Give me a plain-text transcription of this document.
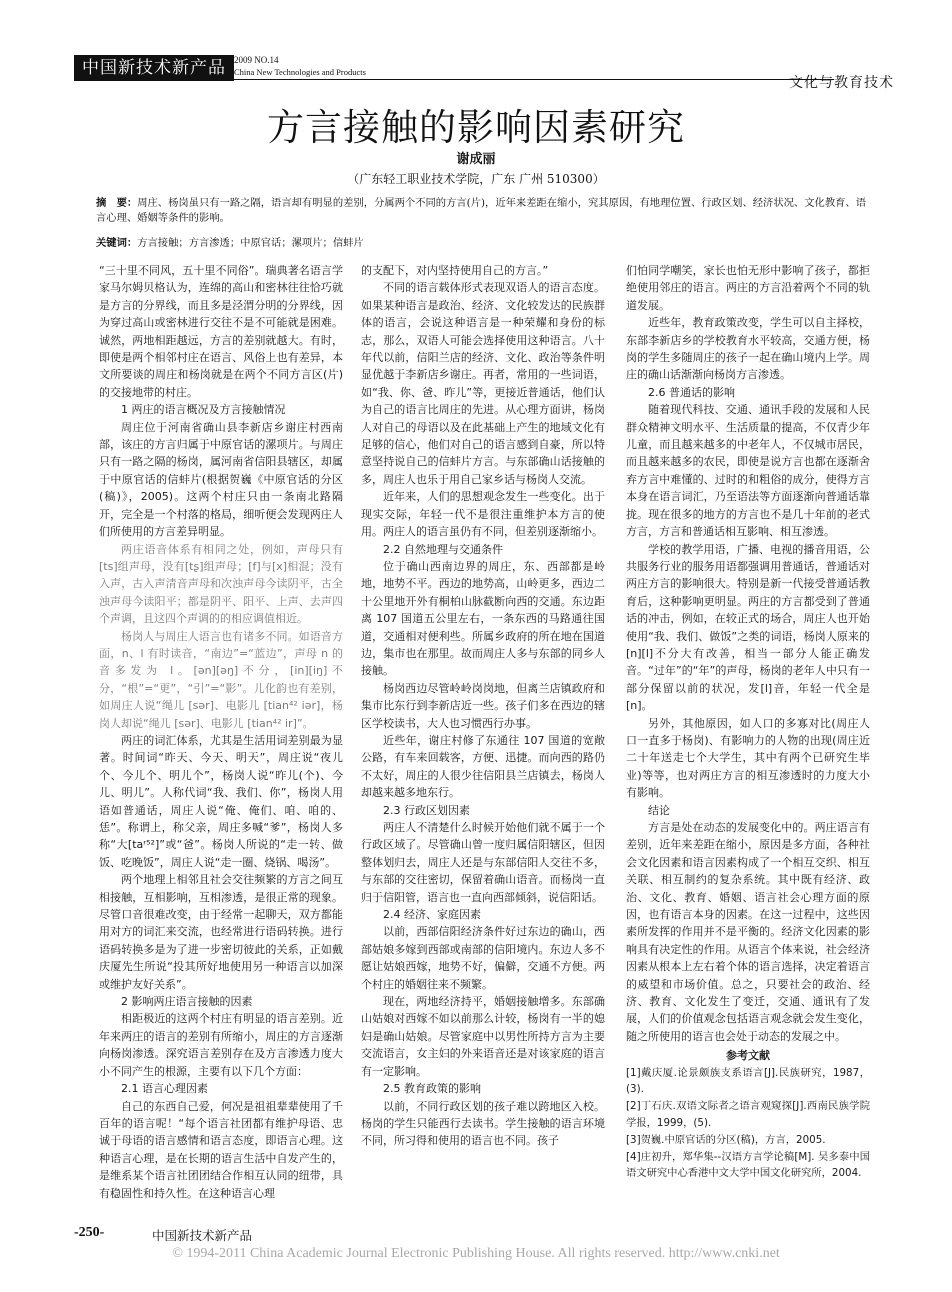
中国新技术新产品 2009 NO.14
China New Technologies and Products
文化与教育技术
方言接触的影响因素研究
谢成丽
（广东轻工职业技术学院，广东 广州 510300）
摘　要：周庄、杨岗虽只有一路之隔，语言却有明显的差别，分属两个不同的方言(片)，近年来差距在缩小，究其原因，有地理位置、行政区划、经济状况、文化教育、语言心理、婚姻等条件的影响。
关键词：方言接触；方言渗透；中原官话；漯项片；信蚌片

“三十里不同风，五十里不同俗”。瑞典著名语言学家马尔姆贝格认为，连绵的高山和密林往往恰巧就是方言的分界线，而且多是泾渭分明的分界线，因为穿过高山或密林进行交往不是不可能就是困难。诚然，两地相距越远，方言的差别就越大。有时，即使是两个相邻村庄在语言、风俗上也有差异，本文所要谈的周庄和杨岗就是在两个不同方言区(片)的交接地带的村庄。

1 两庄的语言概况及方言接触情况

周庄位于河南省确山县李新店乡谢庄村西南部，该庄的方言归属于中原官话的漯项片。与周庄只有一路之隔的杨岗，属河南省信阳县辖区，却属于中原官话的信蚌片(根据贺巍《中原官话的分区(稿)》，2005)。这两个村庄只由一条南北路隔开，完全是一个村落的格局，细听便会发现两庄人们所使用的方言差异明显。

两庄语音体系有相同之处，例如，声母只有[ts]组声母，没有[tʂ]组声母；[f]与[x]相混；没有入声，古入声清音声母和次浊声母今读阴平，古全浊声母今读阳平；都是阴平、阳平、上声、去声四个声调，且这四个声调的的相应调值相近。

杨岗人与周庄人语言也有诸多不同。如语音方面，n、l 有时读音，“南边”=“蓝边”，声母 n 的音多发为 l。[ən][əŋ]不分，[in][iŋ]不分，“根”=“更”，“引”=“影”。儿化韵也有差别，如周庄人说“绳儿 [sər]、电影儿 [tian⁴² iər]，杨岗人却说“绳儿 [sər]、电影儿 [tian⁴² ir]”。

两庄的词汇体系，尤其是生活用词差别最为显著。时间词“昨天、今天、明天”，周庄说“夜儿个、今儿个、明儿个”，杨岗人说“昨儿(个)、今儿、明儿”。人称代词“我、我们、你”，杨岗人用语如普通话，周庄人说“俺、俺们、咱、咱的、恁”。称谓上，称父亲，周庄多喊“爹”，杨岗人多称“大[taʳ⁵²]”或“爸”。杨岗人所说的“走一转、做饭、吃晚饭”，周庄人说“走一圈、烧锅、喝汤”。

两个地理上相邻且社会交往频繁的方言之间互相接触，互相影响，互相渗透，是很正常的现象。尽管口音很难改变，由于经常一起聊天，双方都能用对方的词汇来交流，也经常进行语码转换。进行语码转换多是为了进一步密切彼此的关系，正如戴庆厦先生所说“投其所好地使用另一种语言以加深或维护友好关系”。

2 影响两庄语言接触的因素

相距极近的这两个村庄有明显的语言差别。近年来两庄的语言的差别有所缩小，周庄的方言逐渐向杨岗渗透。深究语言差别存在及方言渗透力度大小不同产生的根源，主要有以下几个方面：

2.1 语言心理因素

自己的东西自己爱，何况是祖祖辈辈使用了千百年的语言呢！“每个语言社团都有维护母语、忠诚于母语的语言感情和语言态度，即语言心理。这种语言心理，是在长期的语言生活中自发产生的，是维系某个语言社团团结合作相互认同的纽带，具有稳固性和持久性。在这种语言心理

的支配下，对内坚持使用自己的方言。”

不同的语言载体形式表现双语人的语言态度。如果某种语言是政治、经济、文化较发达的民族群体的语言，会说这种语言是一种荣耀和身份的标志，那么，双语人可能会选择使用这种语言。八十年代以前，信阳兰店的经济、文化、政治等条件明显优越于李新店乡谢庄。再者，常用的一些词语，如“我、你、爸、昨儿”等，更接近普通话，他们认为自己的语言比周庄的先进。从心理方面讲，杨岗人对自己的母语以及在此基础上产生的地域文化有足够的信心，他们对自己的语言感到自豪，所以特意坚持说自己的信蚌片方言。与东部确山话接触的多，周庄人也乐于用自己家乡话与杨岗人交流。

近年来，人们的思想观念发生一些变化。出于现实交际，年轻一代不是很注重维护本方言的使用。两庄人的语言虽仍有不同，但差别逐渐缩小。

2.2 自然地理与交通条件

位于确山西南边界的周庄，东、西部都是岭地，地势不平。西边的地势高，山岭更多，西边二十公里地开外有桐柏山脉截断向西的交通。东边距离 107 国道五公里左右，一条东西的马路通往国道，交通相对便利些。所属乡政府的所在地在国道边，集市也在那里。故而周庄人多与东部的同乡人接触。

杨岗西边尽管岭岭岗岗地，但离兰店镇政府和集市比东行到李新店近一些。孩子们多在西边的辖区学校读书，大人也习惯西行办事。

近些年，谢庄村修了东通往 107 国道的宽敞公路，有车来回载客，方便、迅捷。而向西的路仍不太好，周庄的人很少往信阳县兰店镇去，杨岗人却越来越多地东行。

2.3 行政区划因素

两庄人不清楚什么时候开始他们就不属于一个行政区域了。尽管确山曾一度归属信阳辖区，但因整体划归去，周庄人还是与东部信阳人交往不多，与东部的交往密切，保留着确山语音。而杨岗一直归于信阳管，语言也一直向西部倾斜，说信阳话。

2.4 经济、家庭因素

以前，西部信阳经济条件好过东边的确山，西部姑娘多嫁到西部或南部的信阳境内。东边人多不愿让姑娘西嫁，地势不好，偏僻，交通不方便。两个村庄的婚姻往来不频繁。

现在，两地经济持平，婚姻接触增多。东部确山姑娘对西嫁不如以前那么计较，杨岗有一半的媳妇是确山姑娘。尽管家庭中以男性所持方言为主要交流语言，女主妇的外来语音还是对该家庭的语言有一定影响。

2.5 教育政策的影响

以前，不同行政区划的孩子难以跨地区入校。杨岗的学生只能西行去读书。学生接触的语言环境不同，所习得和使用的语言也不同。孩子

们怕同学嘲笑，家长也怕无形中影响了孩子，都拒绝使用邻庄的语言。两庄的方言沿着两个不同的轨道发展。

近些年，教育政策改变，学生可以自主择校，东部李新店乡的学校教育水平较高，交通方便，杨岗的学生多随周庄的孩子一起在确山境内上学。周庄的确山话渐渐向杨岗方言渗透。

2.6 普通话的影响

随着现代科技、交通、通讯手段的发展和人民群众精神文明水平、生活质量的提高，不仅青少年儿童，而且越来越多的中老年人，不仅城市居民，而且越来越多的农民，即使是说方言也都在逐渐舍弃方言中难懂的、过时的和粗俗的成分，使得方言本身在语言词汇，乃至语法等方面逐渐向普通话靠拢。现在很多的地方的方言也不是几十年前的老式方言，方言和普通话相互影响、相互渗透。

学校的教学用语，广播、电视的播音用语，公共服务行业的服务用语都强调用普通话，普通话对两庄方言的影响很大。特别是新一代接受普通话教育后，这种影响更明显。两庄的方言都受到了普通话的冲击，例如，在较正式的场合，周庄人也开始使用“我、我们、做饭”之类的词语，杨岗人原来的[n][l]不分大有改善，相当一部分人能正确发音。“过年”的“年”的声母，杨岗的老年人中只有一部分保留以前的状况，发[l]音，年轻一代全是[n]。

另外，其他原因，如人口的多寡对比(周庄人口一直多于杨岗)、有影响力的人物的出现(周庄近二十年送走七个大学生，其中有两个已研究生毕业)等等，也对两庄方言的相互渗透时的力度大小有影响。

结论

方言是处在动态的发展变化中的。两庄语言有差别，近年来差距在缩小，原因是多方面，各种社会文化因素和语言因素构成了一个相互交织、相互关联、相互制约的复杂系统。其中既有经济、政治、文化、教育、婚姻、语言社会心理方面的原因，也有语言本身的因素。在这一过程中，这些因素所发挥的作用并不是平衡的。经济文化因素的影响具有决定性的作用。从语言个体来说，社会经济因素从根本上左右着个体的语言选择，决定着语言的威望和市场价值。总之，只要社会的政治、经济、教育、文化发生了变迁，交通、通讯有了发展，人们的价值观念包括语言观念就会发生变化，随之所使用的语言也会处于动态的发展之中。

参考文献

[1]戴庆厦.论景颇族支系语言[J].民族研究，1987，(3).

[2]丁石庆.双语文际者之语言观窥探[J].西南民族学院学报，1999，(5).

[3]贺巍.中原官话的分区(稿)，方言，2005.

[4]庄初升，郑华集--汉语方言学论稿[M]. 吴多泰中国语文研究中心香港中文大学中国文化研究所，2004.

-250-	中国新技术新产品
© 1994-2011 China Academic Journal Electronic Publishing House. All rights reserved. http://www.cnki.net
